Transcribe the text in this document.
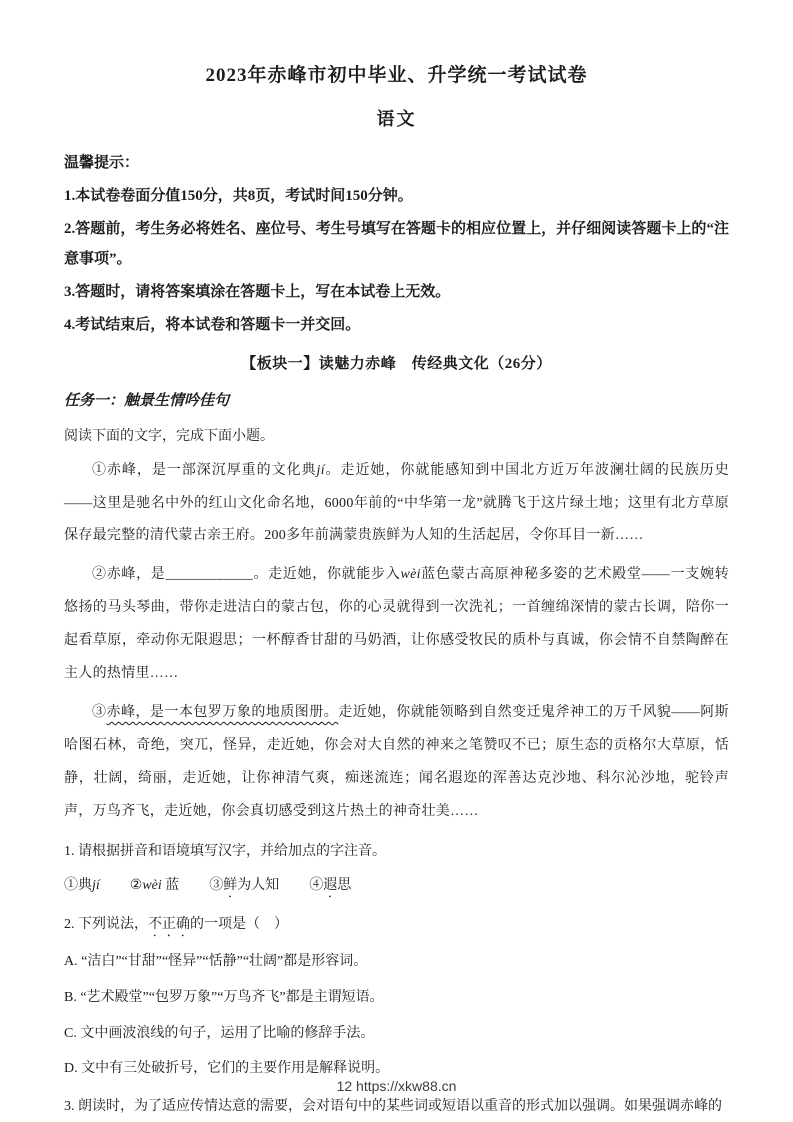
2023年赤峰市初中毕业、升学统一考试试卷
语文

温馨提示：

1.本试卷卷面分值150分，共8页，考试时间150分钟。

2.答题前，考生务必将姓名、座位号、考生号填写在答题卡的相应位置上，并仔细阅读答题卡上的“注意事项”。

3.答题时，请将答案填涂在答题卡上，写在本试卷上无效。

4.考试结束后，将本试卷和答题卡一并交回。

【板块一】读魅力赤峰　传经典文化（26分）

任务一：触景生情吟佳句

阅读下面的文字，完成下面小题。

①赤峰，是一部深沉厚重的文化典jí。走近她，你就能感知到中国北方近万年波澜壮阔的民族历史——这里是驰名中外的红山文化命名地，6000年前的“中华第一龙”就腾飞于这片绿土地；这里有北方草原保存最完整的清代蒙古亲王府。200多年前满蒙贵族鲜为人知的生活起居，令你耳目一新……

②赤峰，是____________。走近她，你就能步入wèi蓝色蒙古高原神秘多姿的艺术殿堂——一支婉转悠扬的马头琴曲，带你走进洁白的蒙古包，你的心灵就得到一次洗礼；一首缠绵深情的蒙古长调，陪你一起看草原，牵动你无限遐思；一杯醇香甘甜的马奶酒，让你感受牧民的质朴与真诚，你会情不自禁陶醉在主人的热情里……

③赤峰，是一本包罗万象的地质图册。走近她，你就能领略到自然变迁鬼斧神工的万千风貌——阿斯哈图石林，奇绝，突兀，怪异，走近她，你会对大自然的神来之笔赞叹不已；原生态的贡格尔大草原，恬静，壮阔，绮丽，走近她，让你神清气爽，痴迷流连；闻名遐迩的浑善达克沙地、科尔沁沙地，驼铃声声，万鸟齐飞，走近她，你会真切感受到这片热土的神奇壮美……

1. 请根据拼音和语境填写汉字，并给加点的字注音。

①典jí ②wèi 蓝 ③鲜为人知 ④遐思

2. 下列说法，不正确的一项是（　）

A. “洁白”“甘甜”“怪异”“恬静”“壮阔”都是形容词。

B. “艺术殿堂”“包罗万象”“万鸟齐飞”都是主谓短语。

C. 文中画波浪线的句子，运用了比喻的修辞手法。

D. 文中有三处破折号，它们的主要作用是解释说明。

3. 朗读时，为了适应传情达意的需要，会对语句中的某些词或短语以重音的形式加以强调。如果强调赤峰的

12 https://xkw88.cn
